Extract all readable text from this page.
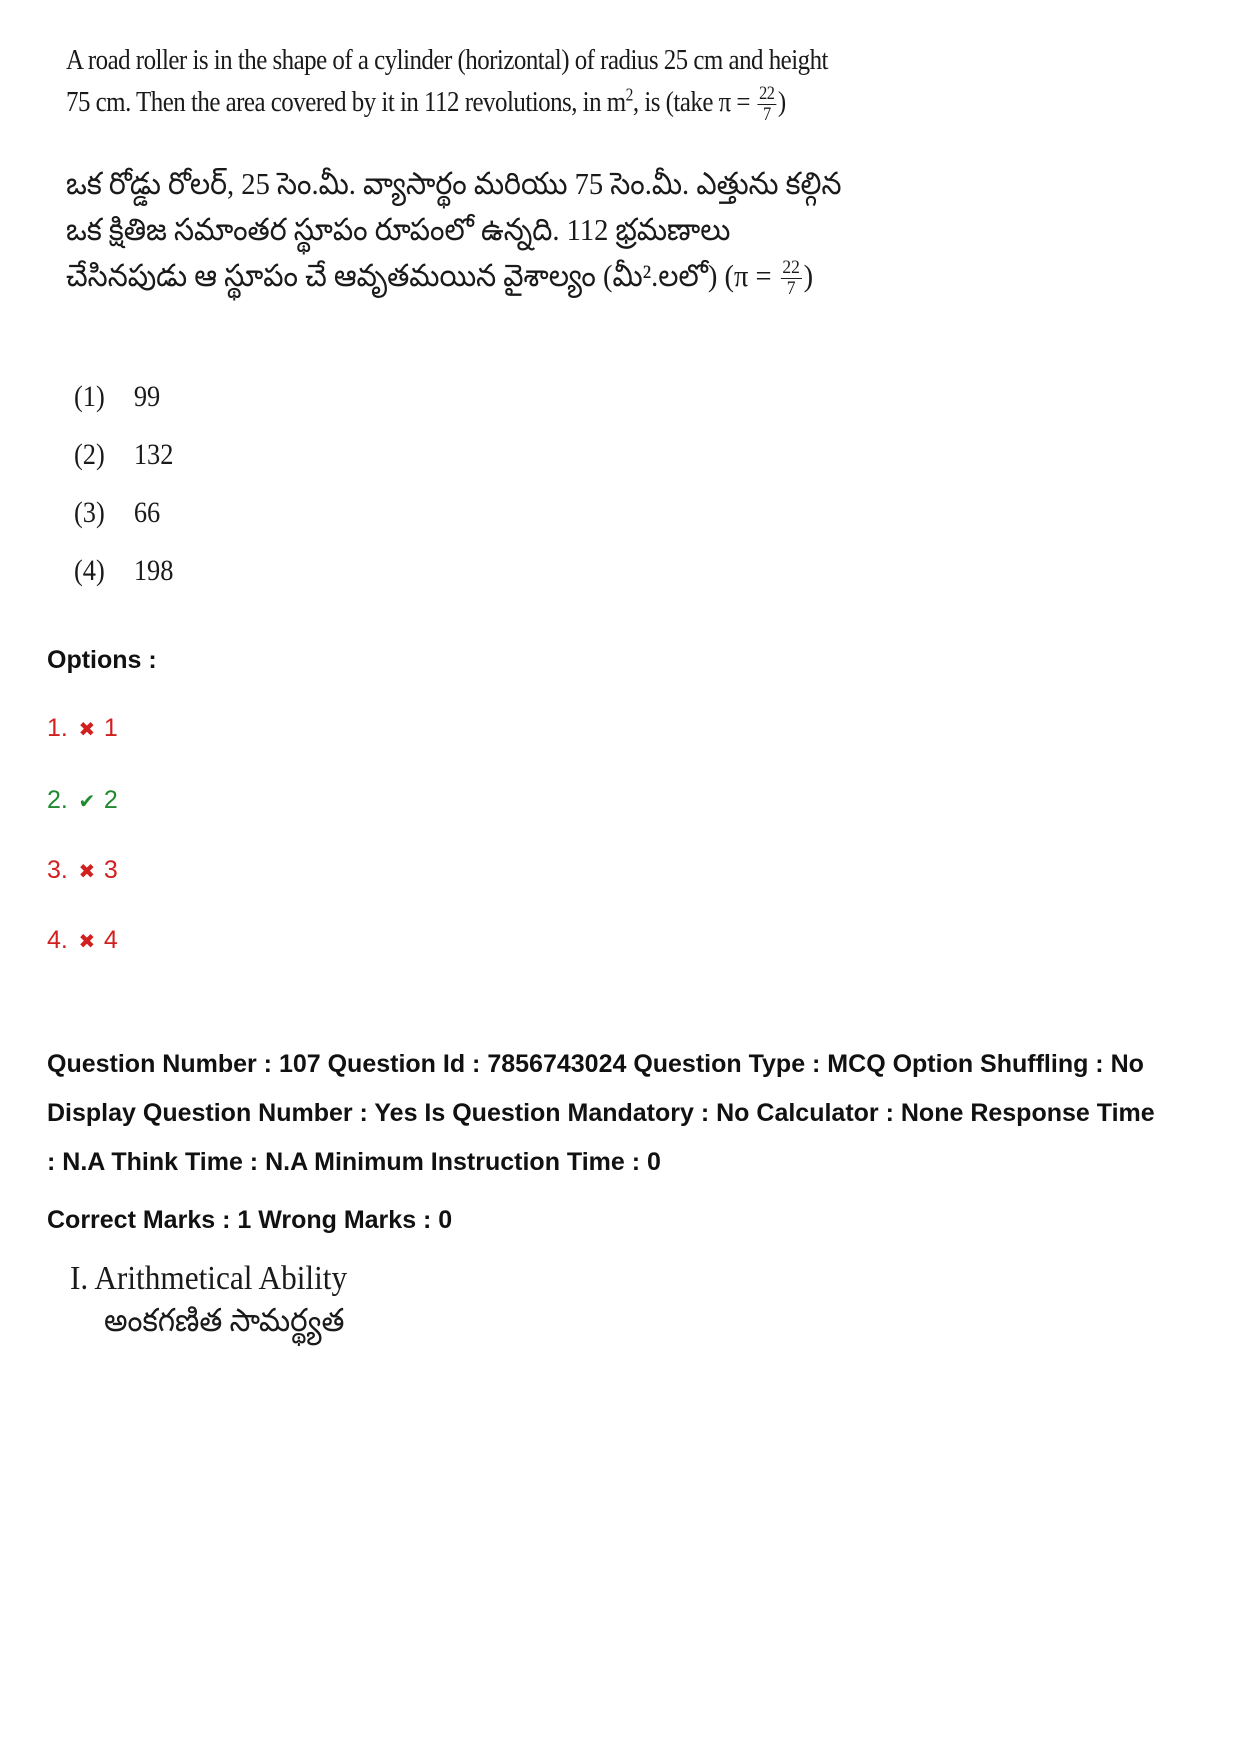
A road roller is in the shape of a cylinder (horizontal) of radius 25 cm and height
75 cm. Then the area covered by it in 112 revolutions, in $m^2$, is (take $\pi = \frac{22}{7}$ )
ఒక రోడ్డు రోలర్, 25 సెం.మీ. వ్యాసార్థం మరియు 75 సెం.మీ. ఎత్తును కల్గిన
ఒక క్షితిజ సమాంతర స్థూపం రూపంలో ఉన్నది. 112 భ్రమణాలు
చేసినపుడు ఆ స్థూపం చే ఆవృతమయిన వైశాల్యం (మీ².లలో) ($\pi = \frac{22}{7}$ )
(1) 99
(2) 132
(3) 66
(4) 198
Options :
1. ✖ 1
2. ✔ 2
3. ✖ 3
4. ✖ 4
Question Number : 107 Question Id : 7856743024 Question Type : MCQ Option Shuffling : No
Display Question Number : Yes Is Question Mandatory : No Calculator : None Response Time
: N.A Think Time : N.A Minimum Instruction Time : 0
Correct Marks : 1 Wrong Marks : 0
I. Arithmetical Ability
అంకగణిత సామర్థ్యత
